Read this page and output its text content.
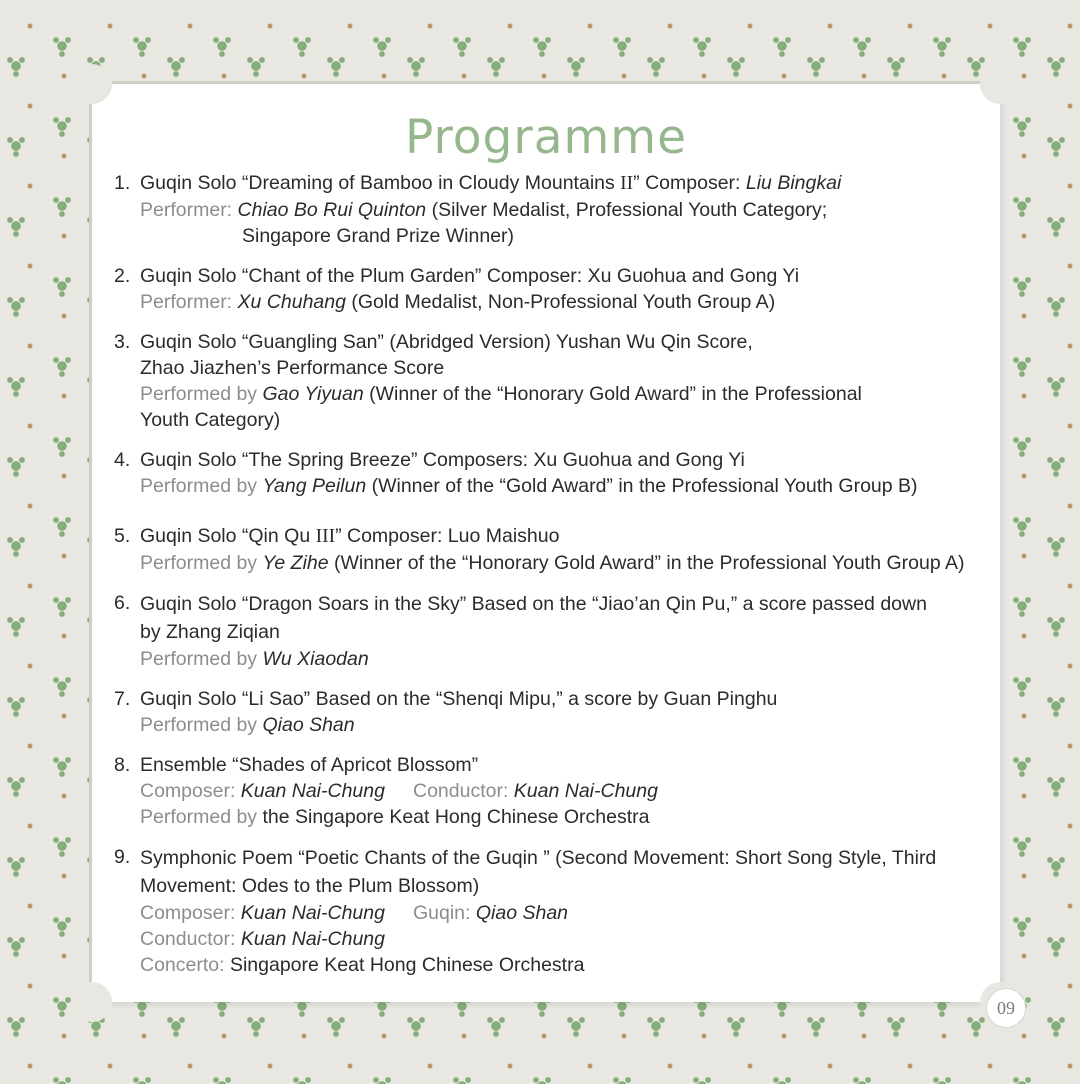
Programme
1. Guqin Solo “Dreaming of Bamboo in Cloudy Mountains II” Composer: Liu Bingkai
Performer: Chiao Bo Rui Quinton (Silver Medalist, Professional Youth Category;
Singapore Grand Prize Winner)
2. Guqin Solo “Chant of the Plum Garden” Composer: Xu Guohua and Gong Yi
Performer: Xu Chuhang (Gold Medalist, Non-Professional Youth Group A)
3. Guqin Solo “Guangling San” (Abridged Version) Yushan Wu Qin Score,
Zhao Jiazhen’s Performance Score
Performed by Gao Yiyuan (Winner of the “Honorary Gold Award” in the Professional
Youth Category)
4. Guqin Solo “The Spring Breeze” Composers: Xu Guohua and Gong Yi
Performed by Yang Peilun (Winner of the “Gold Award” in the Professional Youth Group B)
5. Guqin Solo “Qin Qu III” Composer: Luo Maishuo
Performed by Ye Zihe (Winner of the “Honorary Gold Award” in the Professional Youth Group A)
6. Guqin Solo “Dragon Soars in the Sky” Based on the “Jiao’an Qin Pu,” a score passed down
by Zhang Ziqian
Performed by Wu Xiaodan
7. Guqin Solo “Li Sao” Based on the “Shenqi Mipu,” a score by Guan Pinghu
Performed by Qiao Shan
8. Ensemble “Shades of Apricot Blossom”
Composer: Kuan Nai-Chung Conductor: Kuan Nai-Chung
Performed by the Singapore Keat Hong Chinese Orchestra
9. Symphonic Poem “Poetic Chants of the Guqin ” (Second Movement: Short Song Style, Third
Movement: Odes to the Plum Blossom)
Composer: Kuan Nai-Chung Guqin: Qiao Shan
Conductor: Kuan Nai-Chung
Concerto: Singapore Keat Hong Chinese Orchestra
09
